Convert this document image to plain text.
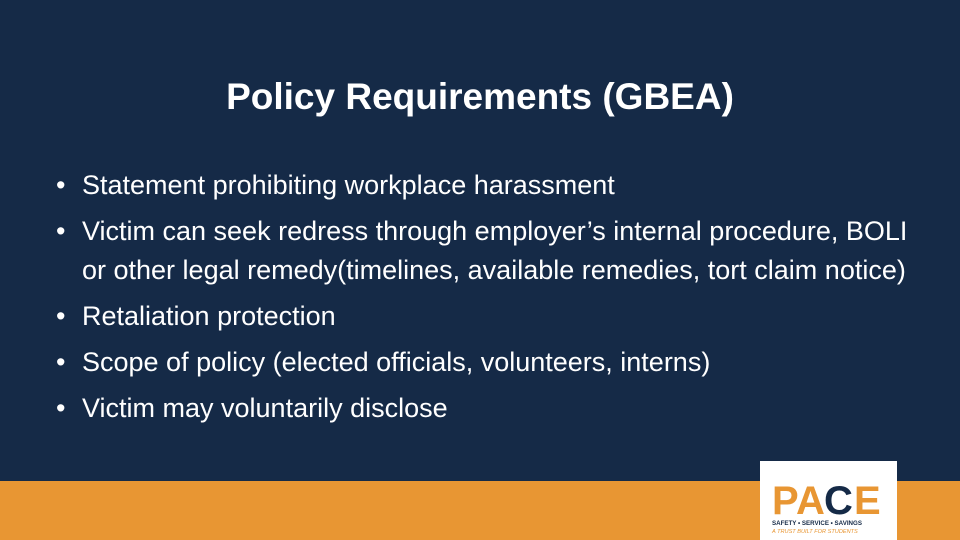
Policy Requirements (GBEA)
• Statement prohibiting workplace harassment
• Victim can seek redress through employer’s internal procedure, BOLI or other legal remedy(timelines, available remedies, tort claim notice)
• Retaliation protection
• Scope of policy (elected officials, volunteers, interns)
• Victim may voluntarily disclose
P
A C E
SAFETY • SERVICE • SAVINGS
A TRUST BUILT FOR STUDENTS
